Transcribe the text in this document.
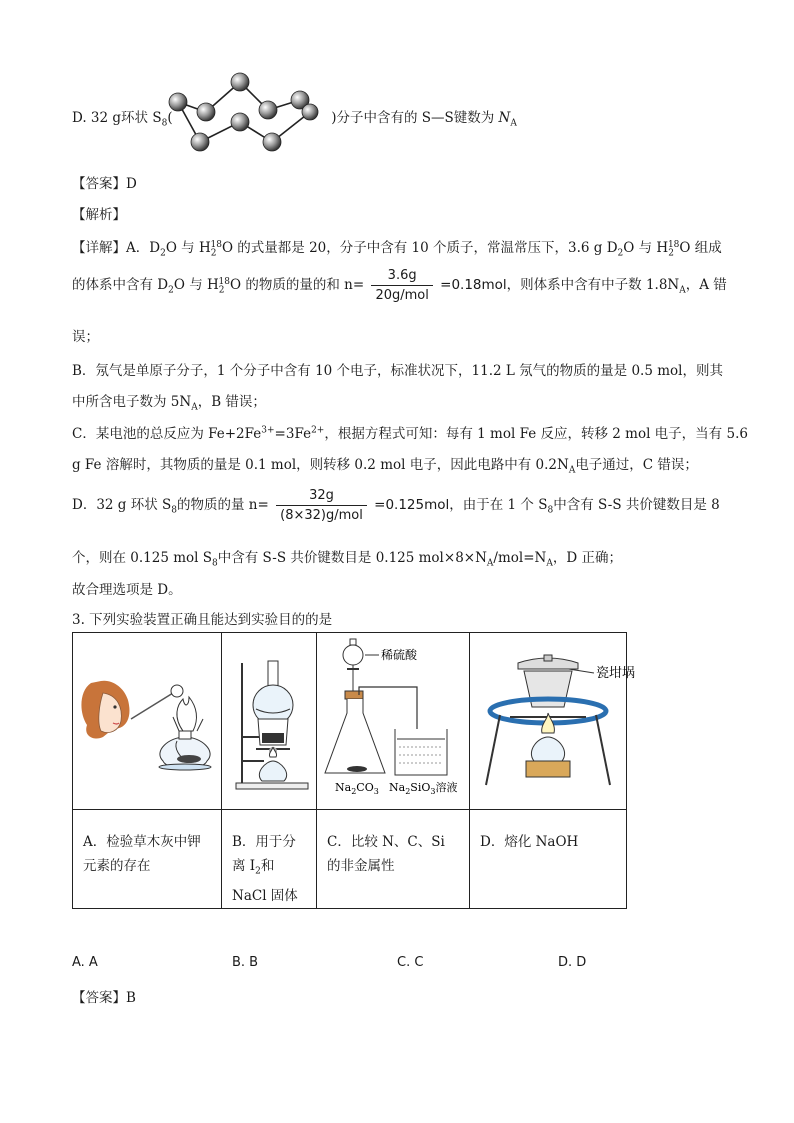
D. 32 g环状 $S_8$(	)分子中含有的 S—S键数为 $N_A$
【答案】D
【解析】
【详解】A．$D_2O$ 与 $H_2^{18}O$ 的式量都是 20，分子中含有 10 个质子，常温常压下，3.6 g $D_2O$ 与 $H_2^{18}O$ 组成
的体系中含有 $D_2O$ 与 $H_2^{18}O$ 的物质的量的和 $n= \frac{3.6g}{\text{20g/mol}} =0.18mol$，则体系中含有中子数 $1.8N_A$，A 错
误；
B．氖气是单原子分子，1 个分子中含有 10 个电子，标准状况下，11.2 L 氖气的物质的量是 0.5 mol，则其
中所含电子数为 $5N_A$，B 错误；
C．某电池的总反应为 $Fe+2Fe^{3+}=3Fe^{2+}$，根据方程式可知：每有 1 mol Fe 反应，转移 2 mol 电子，当有 5.6
g Fe 溶解时，其物质的量是 0.1 mol，则转移 0.2 mol 电子，因此电路中有 $0.2N_A$电子通过，C 错误；
D．32 g 环状 $S_8$的物质的量 $n= \frac{32g}{\text{(8×32)g/mol}} =0.125mol$，由于在 1 个 $S_8$中含有 S-S 共价键数目是 8
个，则在 0.125 mol $S_8$中含有 S-S 共价键数目是 0.125 $mol\times 8\times N_A/mol=N_A$，D 正确；
故合理选项是 D。
3. 下列实验装置正确且能达到实验目的的是

稀硫酸
$Na_2CO_3$ $Na_2SiO_3$溶液	瓷坩埚

A．检验草木灰中钾元素的存在	B．用于分离 $I_2$和 NaCl 固体	C．比较 N、C、Si 的非金属性	D．熔化 NaOH
A. A	B. B	C. C	D. D
【答案】B
